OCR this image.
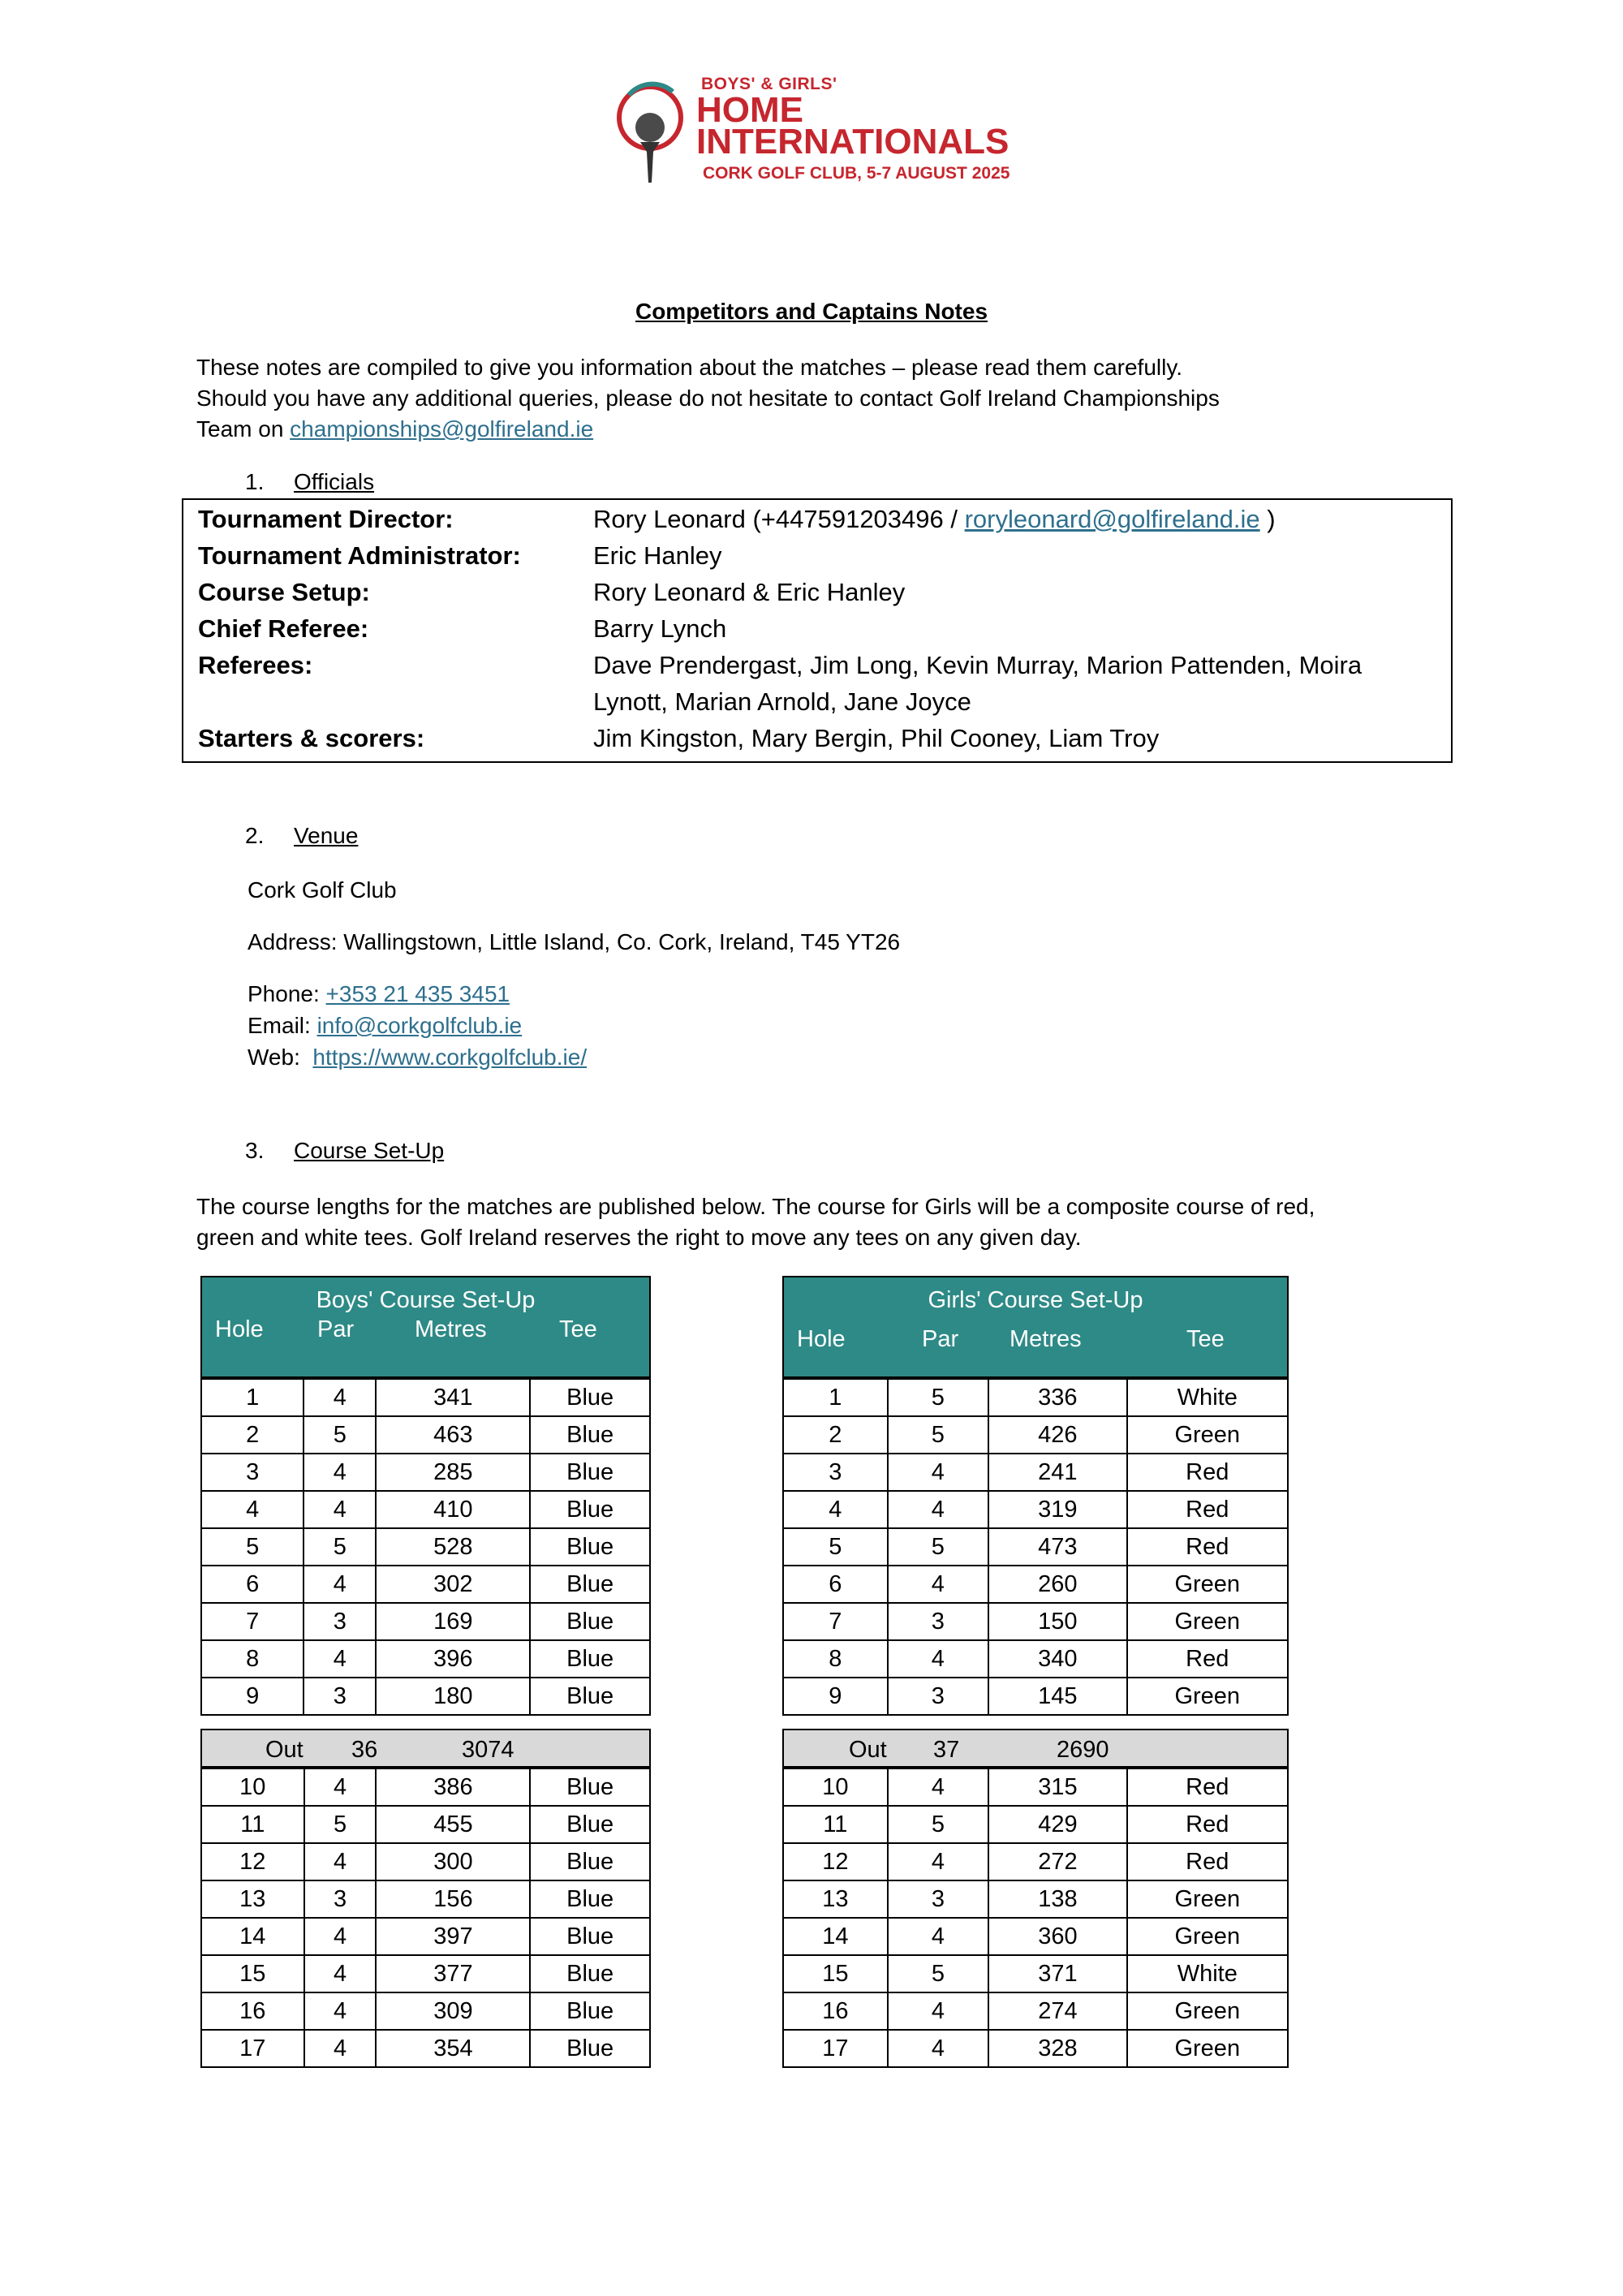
BOYS' & GIRLS'
HOME
INTERNATIONALS
CORK GOLF CLUB, 5-7 AUGUST 2025
Competitors and Captains Notes
These notes are compiled to give you information about the matches – please read them carefully.
Should you have any additional queries, please do not hesitate to contact Golf Ireland Championships
Team on championships@golfireland.ie
1. Officials
Tournament Director:	Rory Leonard (+447591203496 / roryleonard@golfireland.ie )
Tournament Administrator:	Eric Hanley
Course Setup:	Rory Leonard & Eric Hanley
Chief Referee:	Barry Lynch
Referees:	Dave Prendergast, Jim Long, Kevin Murray, Marion Pattenden, Moira
Lynott, Marian Arnold, Jane Joyce
Starters & scorers:	Jim Kingston, Mary Bergin, Phil Cooney, Liam Troy
2. Venue
Cork Golf Club
Address: Wallingstown, Little Island, Co. Cork, Ireland, T45 YT26
Phone: +353 21 435 3451
Email: info@corkgolfclub.ie
Web:  https://www.corkgolfclub.ie/
3. Course Set-Up
The course lengths for the matches are published below. The course for Girls will be a composite course of red,
green and white tees. Golf Ireland reserves the right to move any tees on any given day.
Boys' Course Set-Up
Hole Par	Metres	Tee
1	4	341	Blue
2	5	463	Blue
3	4	285	Blue
4	4	410	Blue
5	5	528	Blue
6	4	302	Blue
7	3	169	Blue
8	4	396	Blue
9	3	180	Blue
Out 36	3074
10	4	386	Blue
11	5	455	Blue
12	4	300	Blue
13	3	156	Blue
14	4	397	Blue
15	4	377	Blue
16	4	309	Blue
17	4	354	Blue
Girls' Course Set-Up
Hole	Par Metres	Tee
1	5	336	White
2	5	426	Green
3	4	241	Red
4	4	319	Red
5	5	473	Red
6	4	260	Green
7	3	150	Green
8	4	340	Red
9	3	145	Green
Out 37	2690
10	4	315	Red
11	5	429	Red
12	4	272	Red
13	3	138	Green
14	4	360	Green
15	5	371	White
16	4	274	Green
17	4	328	Green
